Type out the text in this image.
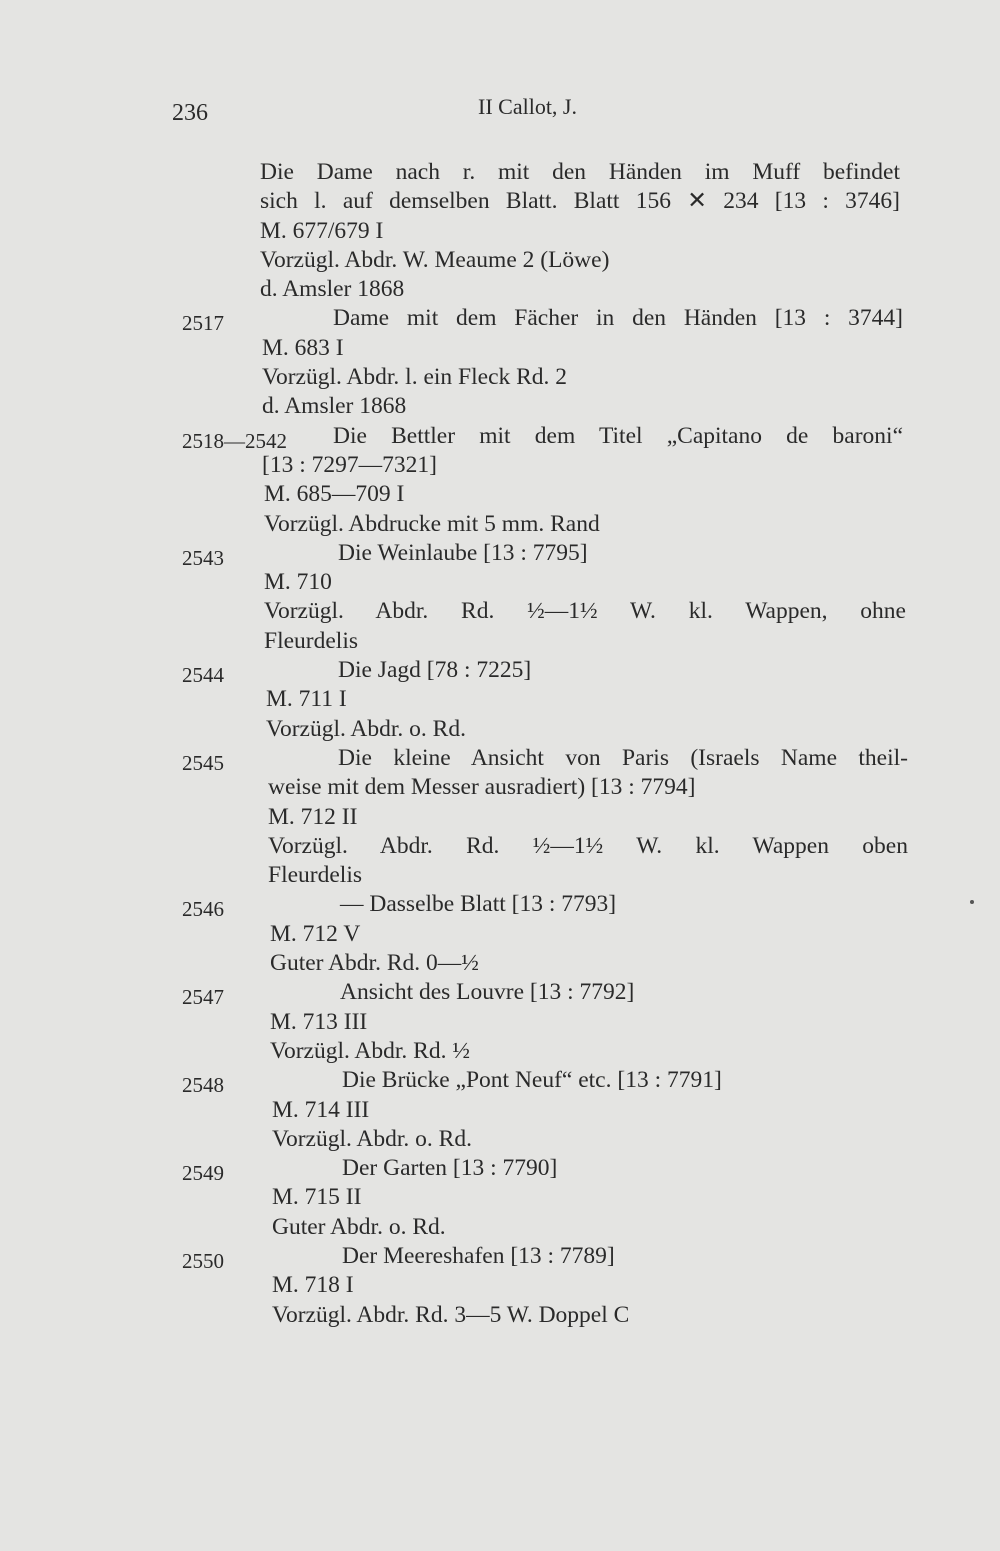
236	II Callot, J.
Die Dame nach r. mit den Händen im Muff befindet
sich l. auf demselben Blatt. Blatt 156 ✕ 234 [13 : 3746]
M. 677/679 I
Vorzügl. Abdr. W. Meaume 2 (Löwe)
d. Amsler 1868
2517	Dame mit dem Fächer in den Händen [13 : 3744]
M. 683 I
Vorzügl. Abdr. l. ein Fleck Rd. 2
d. Amsler 1868
2518—2542 Die Bettler mit dem Titel „Capitano de baroni“
[13 : 7297—7321]
M. 685—709 I
Vorzügl. Abdrucke mit 5 mm. Rand
2543	Die Weinlaube [13 : 7795]
M. 710
Vorzügl. Abdr. Rd. ½—1½ W. kl. Wappen, ohne
Fleurdelis
2544	Die Jagd [78 : 7225]
M. 711 I
Vorzügl. Abdr. o. Rd.
2545	Die kleine Ansicht von Paris (Israels Name theil-
weise mit dem Messer ausradiert) [13 : 7794]
M. 712 II
Vorzügl. Abdr. Rd. ½—1½ W. kl. Wappen oben
Fleurdelis
2546	— Dasselbe Blatt [13 : 7793]
M. 712 V
Guter Abdr. Rd. 0—½
2547	Ansicht des Louvre [13 : 7792]
M. 713 III
Vorzügl. Abdr. Rd. ½
2548	Die Brücke „Pont Neuf“ etc. [13 : 7791]
M. 714 III
Vorzügl. Abdr. o. Rd.
2549	Der Garten [13 : 7790]
M. 715 II
Guter Abdr. o. Rd.
2550	Der Meereshafen [13 : 7789]
M. 718 I
Vorzügl. Abdr. Rd. 3—5 W. Doppel C
